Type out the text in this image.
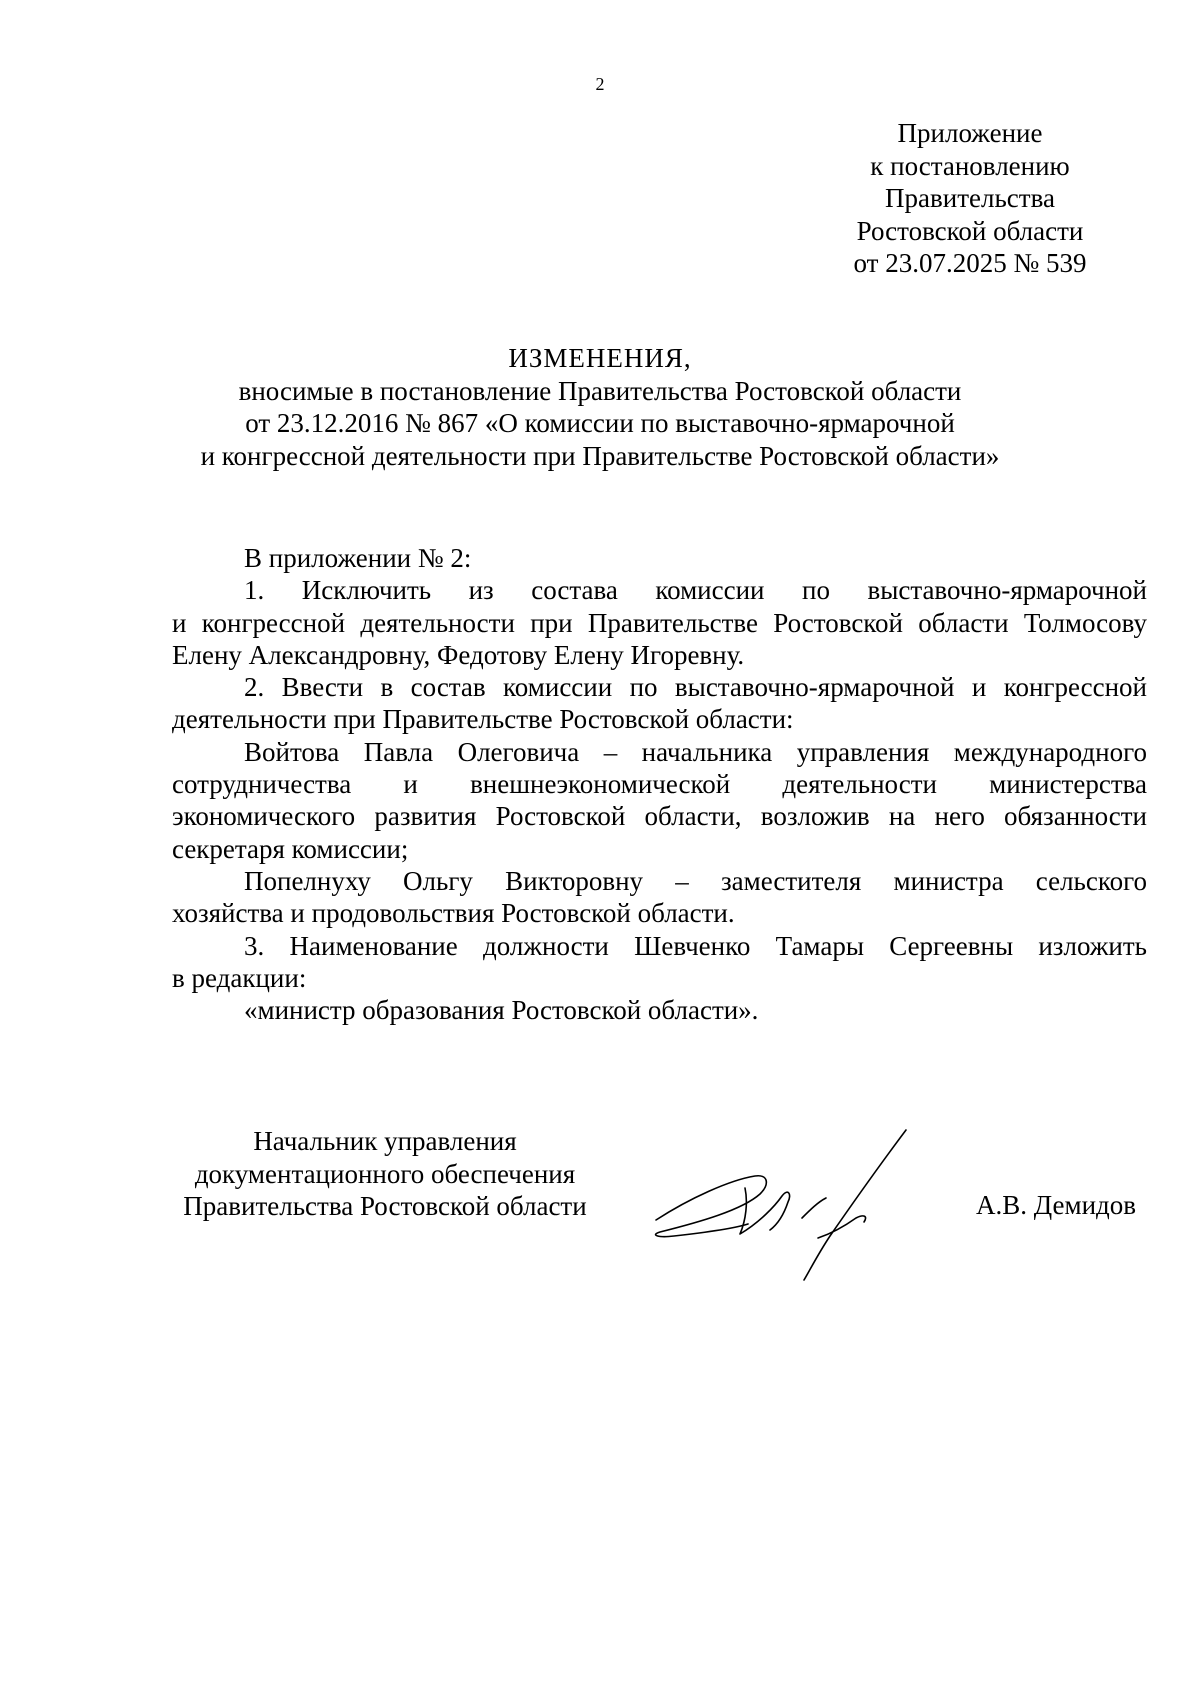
2
Приложение
к постановлению
Правительства
Ростовской области
от 23.07.2025 № 539
ИЗМЕНЕНИЯ,
вносимые в постановление Правительства Ростовской области
от 23.12.2016 № 867 «О комиссии по выставочно-ярмарочной
и конгрессной деятельности при Правительстве Ростовской области»
В приложении № 2:
1. Исключить из состава комиссии по выставочно-ярмарочной
и конгрессной деятельности при Правительстве Ростовской области Толмосову
Елену Александровну, Федотову Елену Игоревну.
2. Ввести в состав комиссии по выставочно-ярмарочной и конгрессной
деятельности при Правительстве Ростовской области:
Войтова Павла Олеговича – начальника управления международного
сотрудничества и внешнеэкономической деятельности министерства
экономического развития Ростовской области, возложив на него обязанности
секретаря комиссии;
Попелнуху Ольгу Викторовну – заместителя министра сельского
хозяйства и продовольствия Ростовской области.
3. Наименование должности Шевченко Тамары Сергеевны изложить
в редакции:
«министр образования Ростовской области».
Начальник управления
документационного обеспечения
Правительства Ростовской области	А.В. Демидов
